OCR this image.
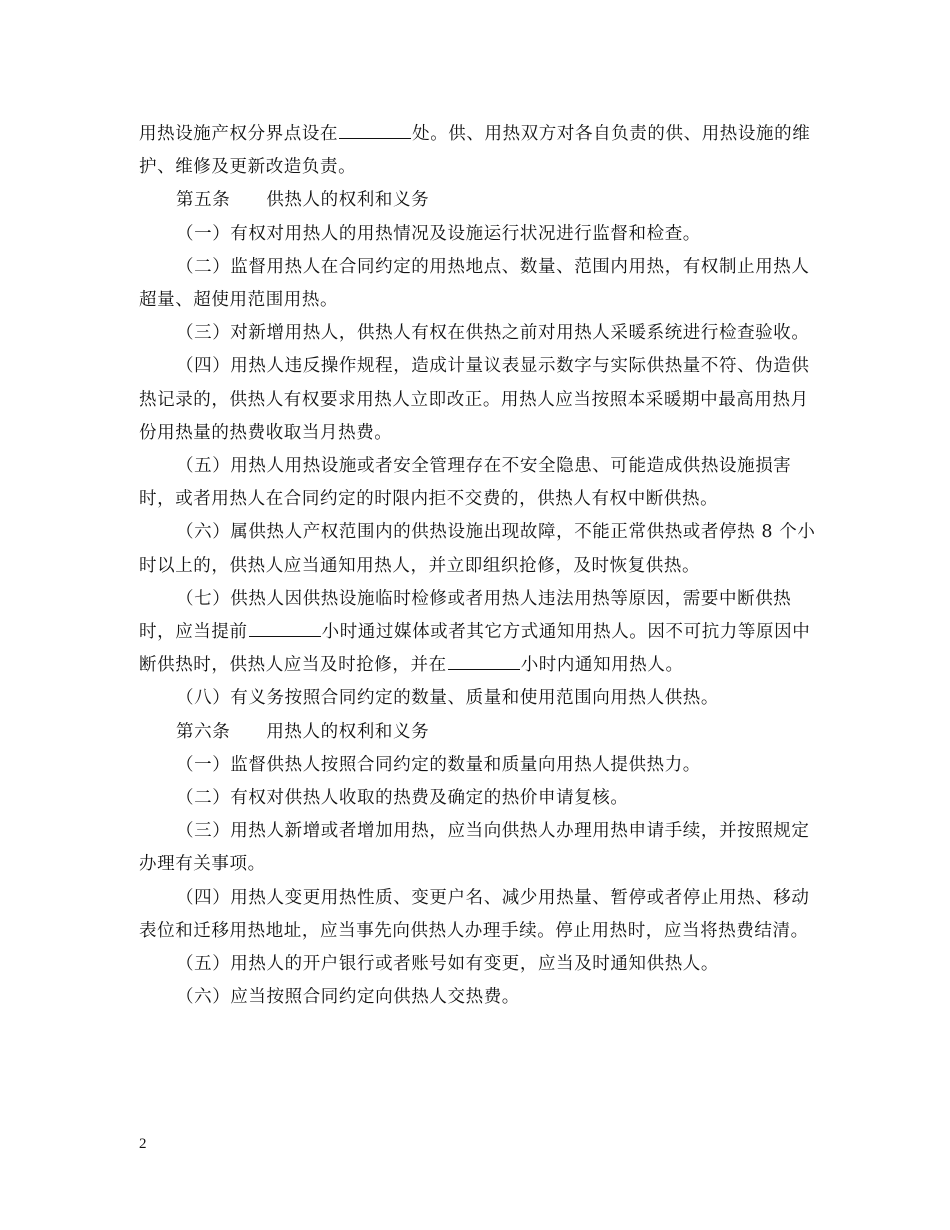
用热设施产权分界点设在	处。供、用热双方对各自负责的供、用热设施的维护、维修及更新改造负责。

第五条 供热人的权利和义务

（一）有权对用热人的用热情况及设施运行状况进行监督和检查。

（二）监督用热人在合同约定的用热地点、数量、范围内用热，有权制止用热人超量、超使用范围用热。

（三）对新增用热人，供热人有权在供热之前对用热人采暖系统进行检查验收。

（四）用热人违反操作规程，造成计量议表显示数字与实际供热量不符、伪造供热记录的，供热人有权要求用热人立即改正。用热人应当按照本采暖期中最高用热月份用热量的热费收取当月热费。

（五）用热人用热设施或者安全管理存在不安全隐患、可能造成供热设施损害时，或者用热人在合同约定的时限内拒不交费的，供热人有权中断供热。

（六）属供热人产权范围内的供热设施出现故障，不能正常供热或者停热 8 个小时以上的，供热人应当通知用热人，并立即组织抢修，及时恢复供热。

（七）供热人因供热设施临时检修或者用热人违法用热等原因，需要中断供热时，应当提前	小时通过媒体或者其它方式通知用热人。因不可抗力等原因中断供热时，供热人应当及时抢修，并在	小时内通知用热人。

（八）有义务按照合同约定的数量、质量和使用范围向用热人供热。

第六条 用热人的权利和义务

（一）监督供热人按照合同约定的数量和质量向用热人提供热力。

（二）有权对供热人收取的热费及确定的热价申请复核。

（三）用热人新增或者增加用热，应当向供热人办理用热申请手续，并按照规定办理有关事项。

（四）用热人变更用热性质、变更户名、减少用热量、暂停或者停止用热、移动表位和迁移用热地址，应当事先向供热人办理手续。停止用热时，应当将热费结清。

（五）用热人的开户银行或者账号如有变更，应当及时通知供热人。

（六）应当按照合同约定向供热人交热费。

2
